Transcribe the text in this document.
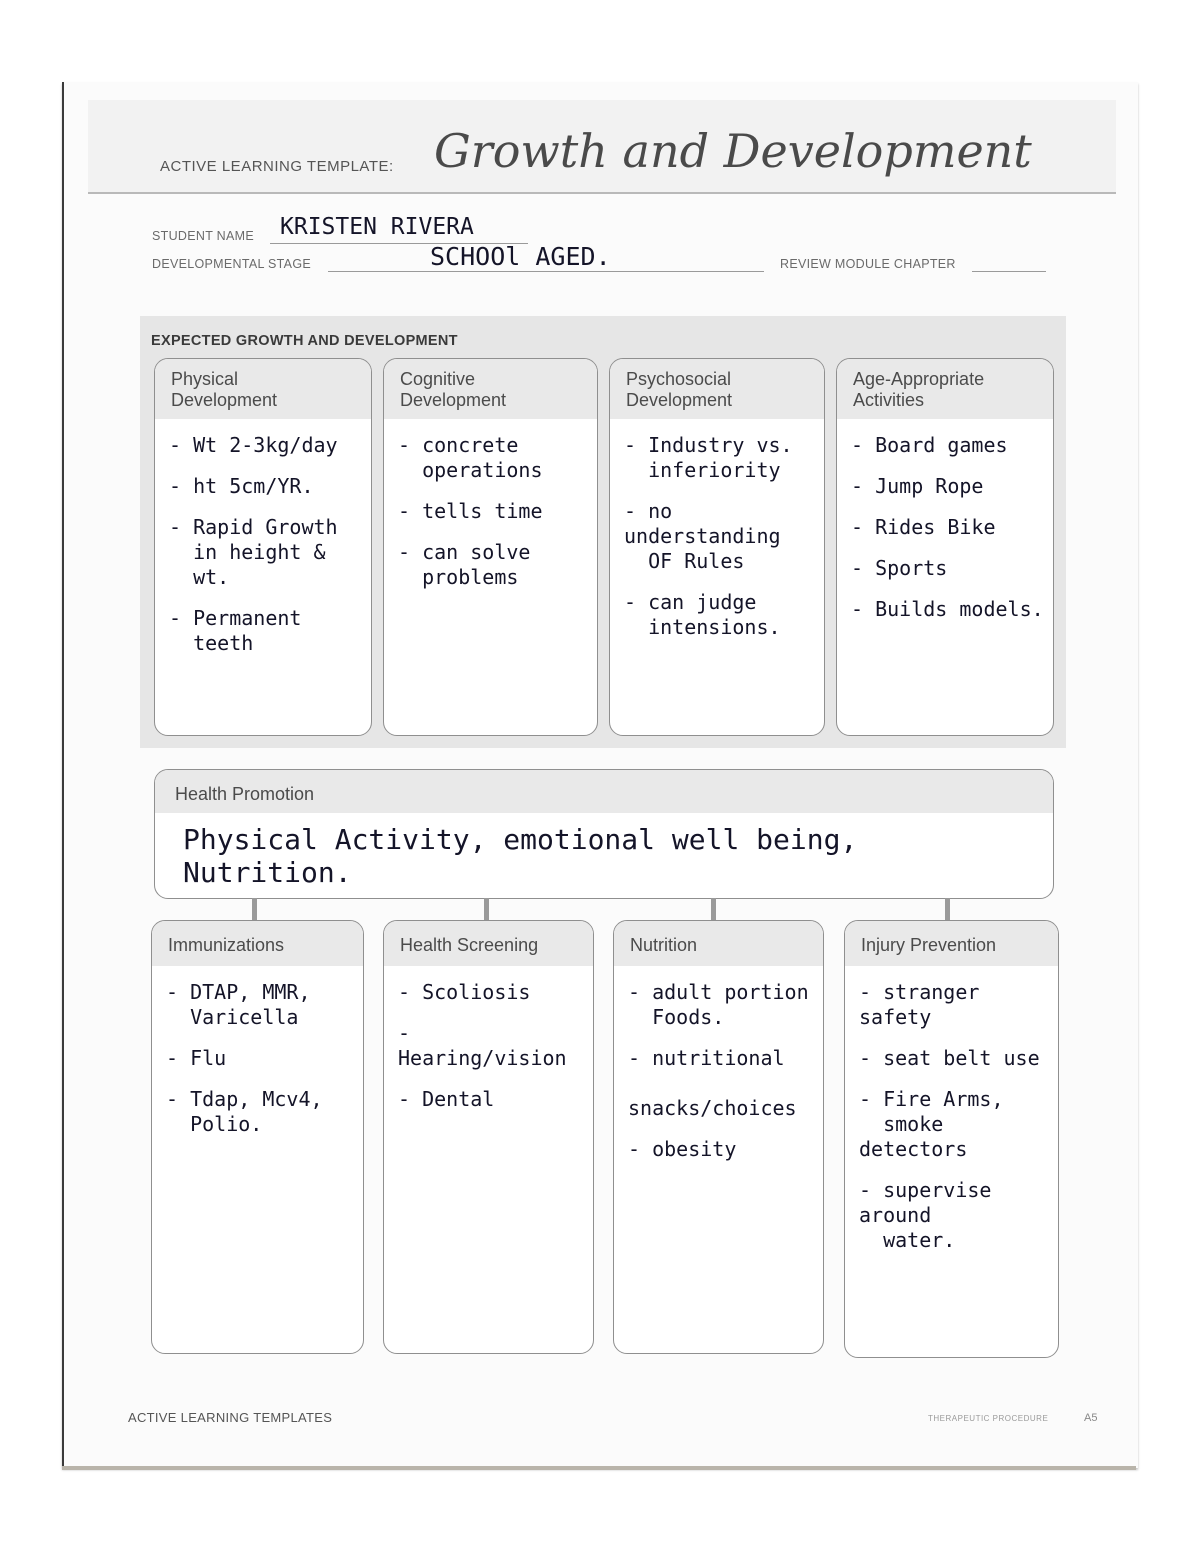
ACTIVE LEARNING TEMPLATE: Growth and Development
STUDENT NAME KRISTEN RIVERA
DEVELOPMENTAL STAGE	SCHOOl AGED.	REVIEW MODULE CHAPTER
EXPECTED GROWTH AND DEVELOPMENT
Physical
Development
- Wt 2-3kg/day
- ht 5cm/YR.
- Rapid Growth
in height &
wt.
- Permanent
teeth
Cognitive
Development
- concrete
operations
- tells time
- can solve
problems
Psychosocial
Development
- Industry vs.
inferiority
- no understanding
OF Rules
- can judge
intensions.
Age-Appropriate
Activities
- Board games
- Jump Rope
- Rides Bike
- Sports
- Builds models.
Health Promotion
Physical Activity, emotional well being, Nutrition.
Immunizations
- DTAP, MMR,
Varicella
- Flu
- Tdap, Mcv4,
Polio.
Health Screening
- Scoliosis
- Hearing/vision
- Dental
Nutrition
- adult portion
Foods.
- nutritional
snacks/choices
- obesity
Injury Prevention
- stranger safety
- seat belt use
- Fire Arms,
smoke detectors
- supervise around
water.
ACTIVE LEARNING TEMPLATES	THERAPEUTIC PROCEDURE	A5
